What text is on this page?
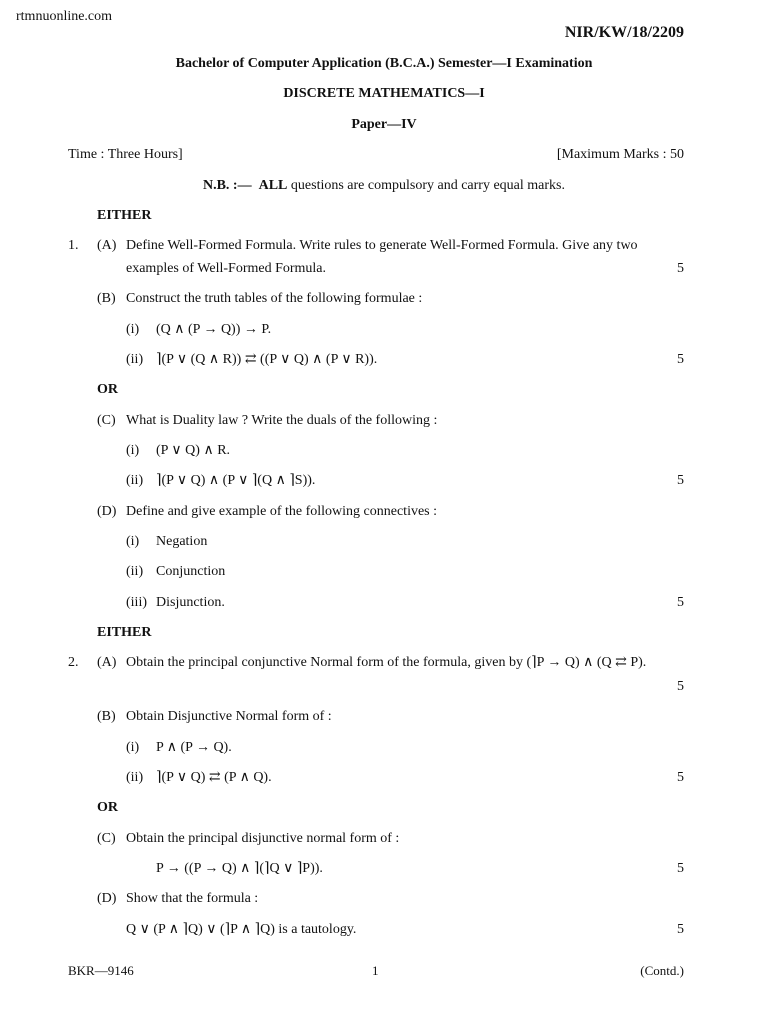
rtmnuonline.com
NIR/KW/18/2209
Bachelor of Computer Application (B.C.A.) Semester—I Examination
DISCRETE MATHEMATICS—I
Paper—IV
Time : Three Hours]	[Maximum Marks : 50
N.B. :— ALL questions are compulsory and carry equal marks.
EITHER
1. (A) Define Well-Formed Formula. Write rules to generate Well-Formed Formula. Give any two
examples of Well-Formed Formula.	5
(B) Construct the truth tables of the following formulae :
(i) (Q ∧ (P → Q)) → P.
(ii) ⌉(P ∨ (Q ∧ R)) ⇄ ((P ∨ Q) ∧ (P ∨ R)).	5
OR
(C) What is Duality law ? Write the duals of the following :
(i) (P ∨ Q) ∧ R.
(ii) ⌉(P ∨ Q) ∧ (P ∨ ⌉(Q ∧ ⌉S)).	5
(D) Define and give example of the following connectives :
(i) Negation
(ii) Conjunction
(iii) Disjunction.	5
EITHER
2. (A) Obtain the principal conjunctive Normal form of the formula, given by (⌉P → Q) ∧ (Q ⇄ P).
5
(B) Obtain Disjunctive Normal form of :
(i) P ∧ (P → Q).
(ii) ⌉(P ∨ Q) ⇄ (P ∧ Q).	5
OR
(C) Obtain the principal disjunctive normal form of :
P → ((P → Q) ∧ ⌉(⌉Q ∨ ⌉P)).	5
(D) Show that the formula :
Q ∨ (P ∧ ⌉Q) ∨ (⌉P ∧ ⌉Q) is a tautology.	5
BKR—9146	1	(Contd.)
